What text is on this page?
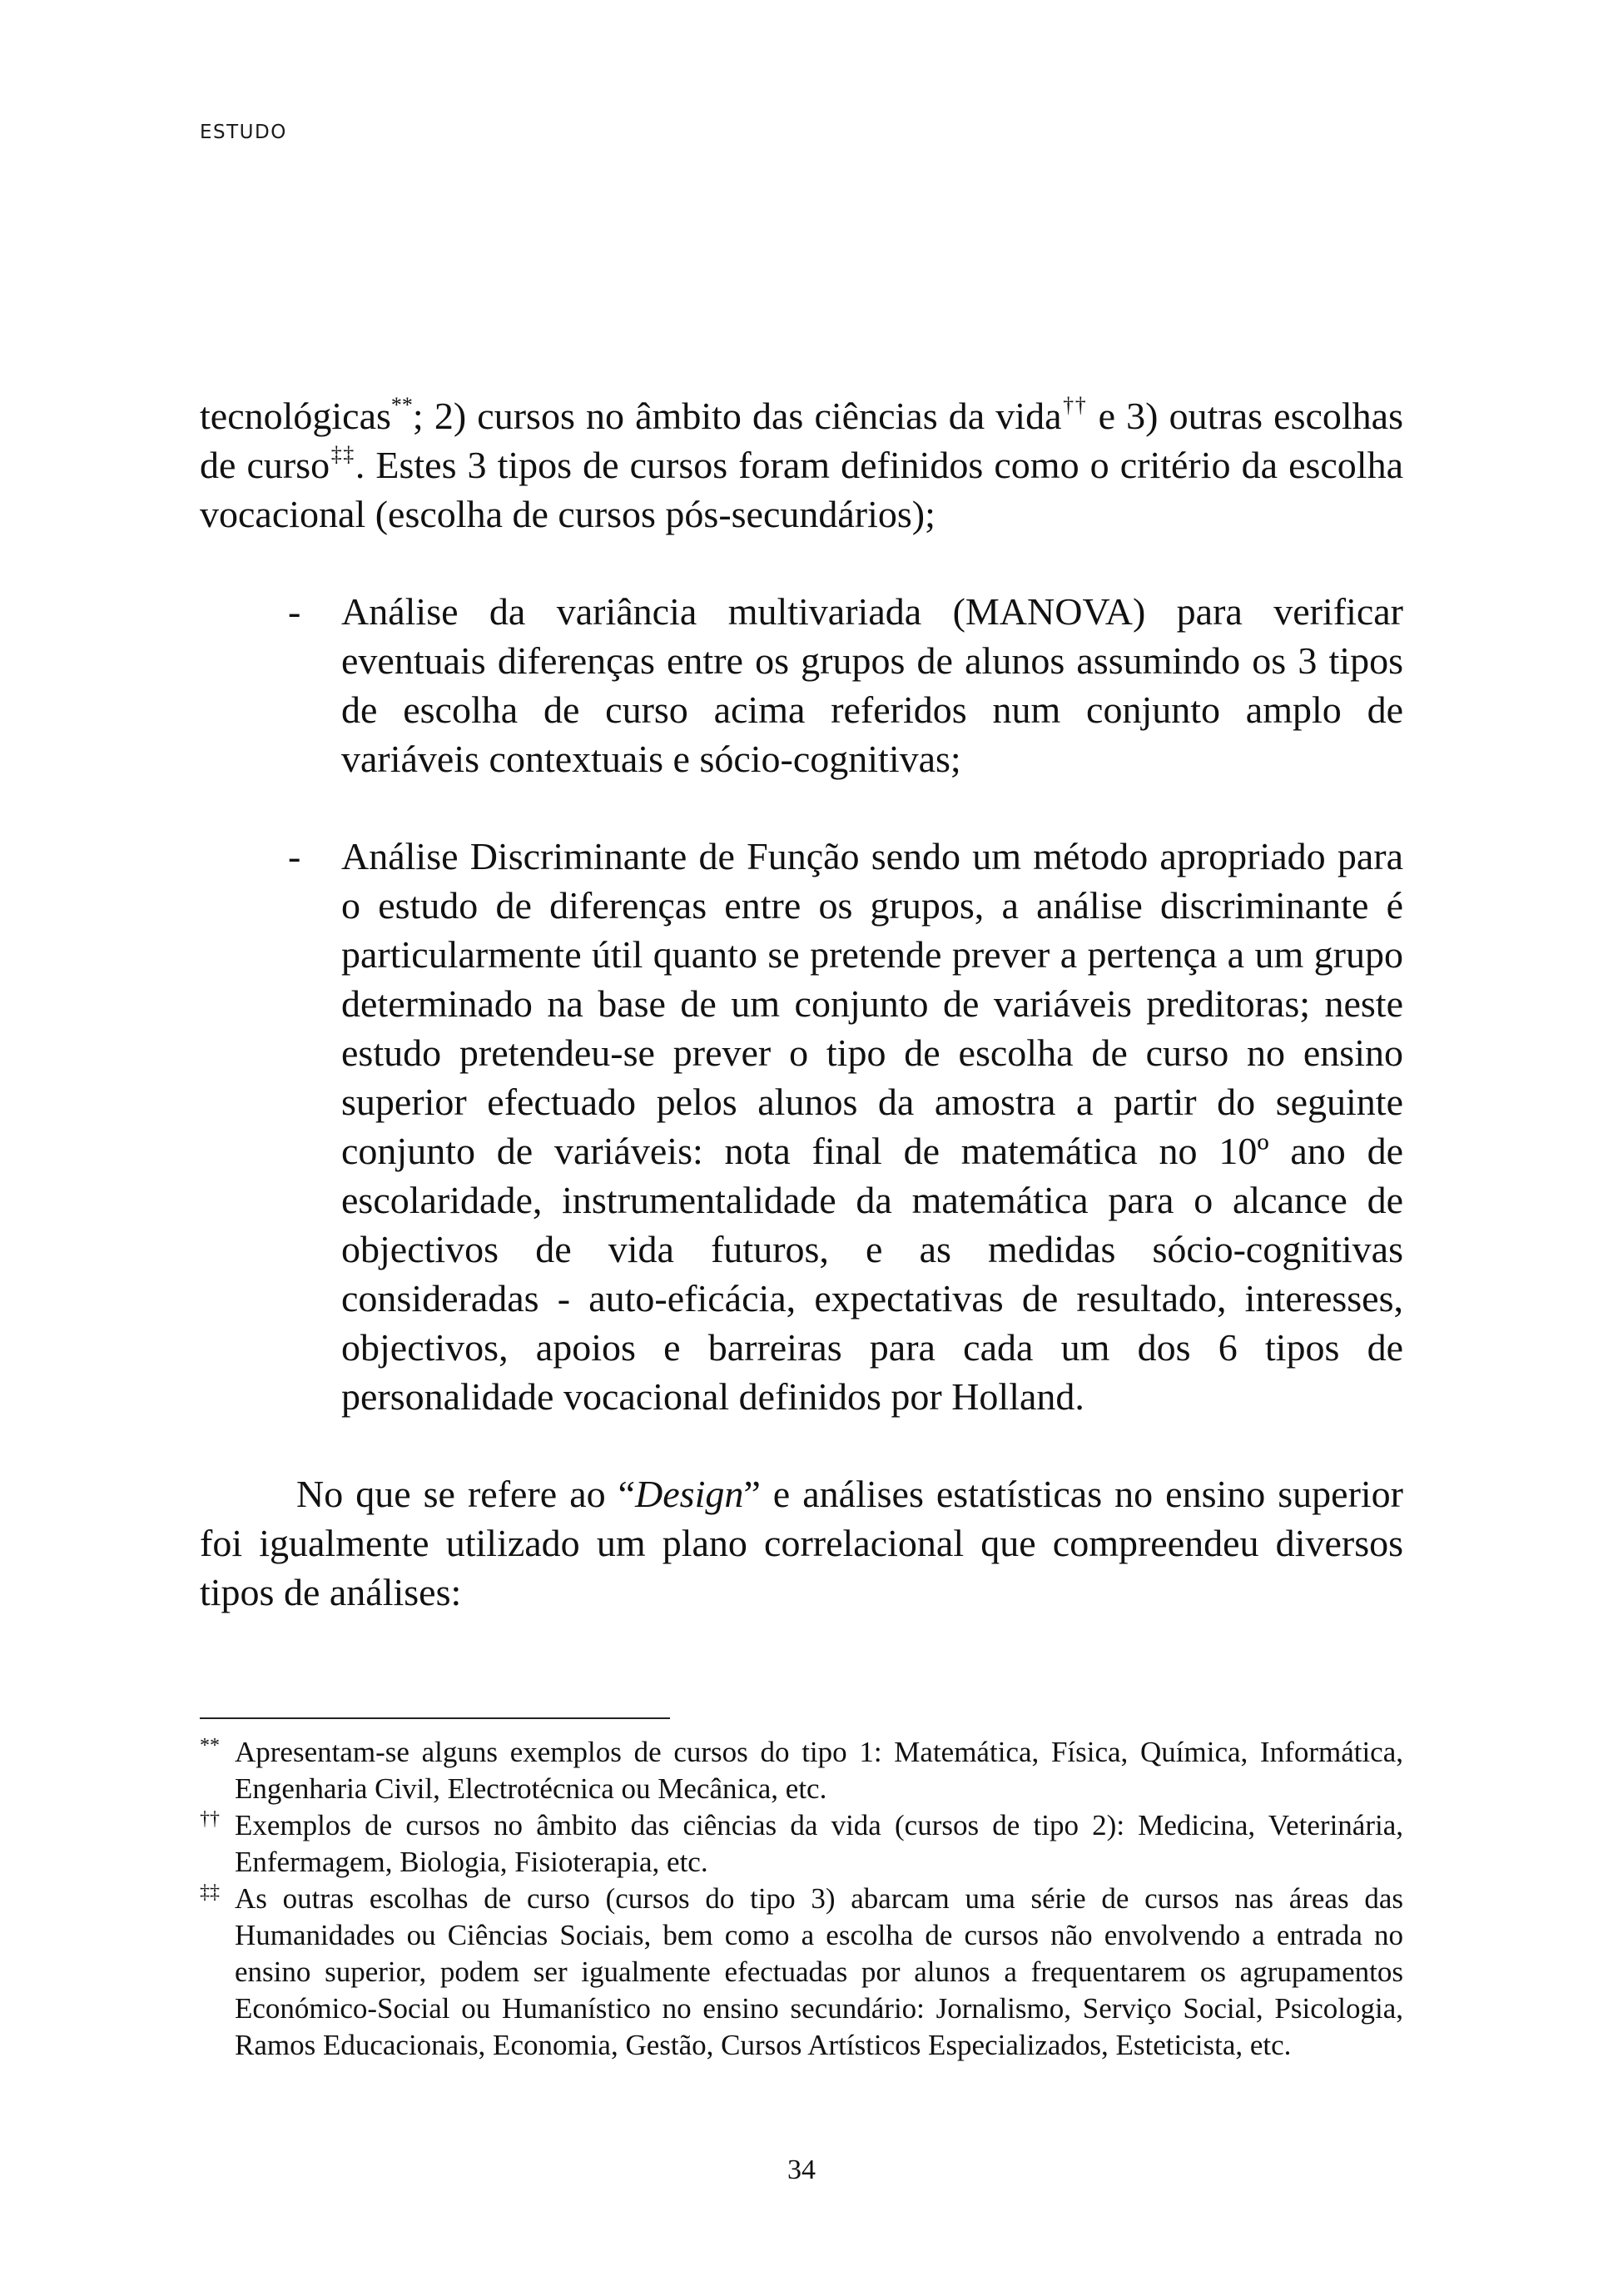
ESTUDO

tecnológicas**; 2) cursos no âmbito das ciências da vida†† e 3) outras escolhas de curso‡‡. Estes 3 tipos de cursos foram definidos como o critério da escolha vocacional (escolha de cursos pós-secundários);

- Análise da variância multivariada (MANOVA) para verificar eventuais diferenças entre os grupos de alunos assumindo os 3 tipos de escolha de curso acima referidos num conjunto amplo de variáveis contextuais e sócio-cognitivas;
- Análise Discriminante de Função sendo um método apropriado para o estudo de diferenças entre os grupos, a análise discriminante é particularmente útil quanto se pretende prever a pertença a um grupo determinado na base de um conjunto de variáveis preditoras; neste estudo pretendeu-se prever o tipo de escolha de curso no ensino superior efectuado pelos alunos da amostra a partir do seguinte conjunto de variáveis: nota final de matemática no 10º ano de escolaridade, instrumentalidade da matemática para o alcance de objectivos de vida futuros, e as medidas sócio-cognitivas consideradas - auto-eficácia, expectativas de resultado, interesses, objectivos, apoios e barreiras para cada um dos 6 tipos de personalidade vocacional definidos por Holland.

No que se refere ao “Design” e análises estatísticas no ensino superior foi igualmente utilizado um plano correlacional que compreendeu diversos tipos de análises:

** Apresentam-se alguns exemplos de cursos do tipo 1: Matemática, Física, Química, Informática, Engenharia Civil, Electrotécnica ou Mecânica, etc.
†† Exemplos de cursos no âmbito das ciências da vida (cursos de tipo 2): Medicina, Veterinária, Enfermagem, Biologia, Fisioterapia, etc.
‡‡ As outras escolhas de curso (cursos do tipo 3) abarcam uma série de cursos nas áreas das Humanidades ou Ciências Sociais, bem como a escolha de cursos não envolvendo a entrada no ensino superior, podem ser igualmente efectuadas por alunos a frequentarem os agrupamentos Económico-Social ou Humanístico no ensino secundário: Jornalismo, Serviço Social, Psicologia, Ramos Educacionais, Economia, Gestão, Cursos Artísticos Especializados, Esteticista, etc.
34
